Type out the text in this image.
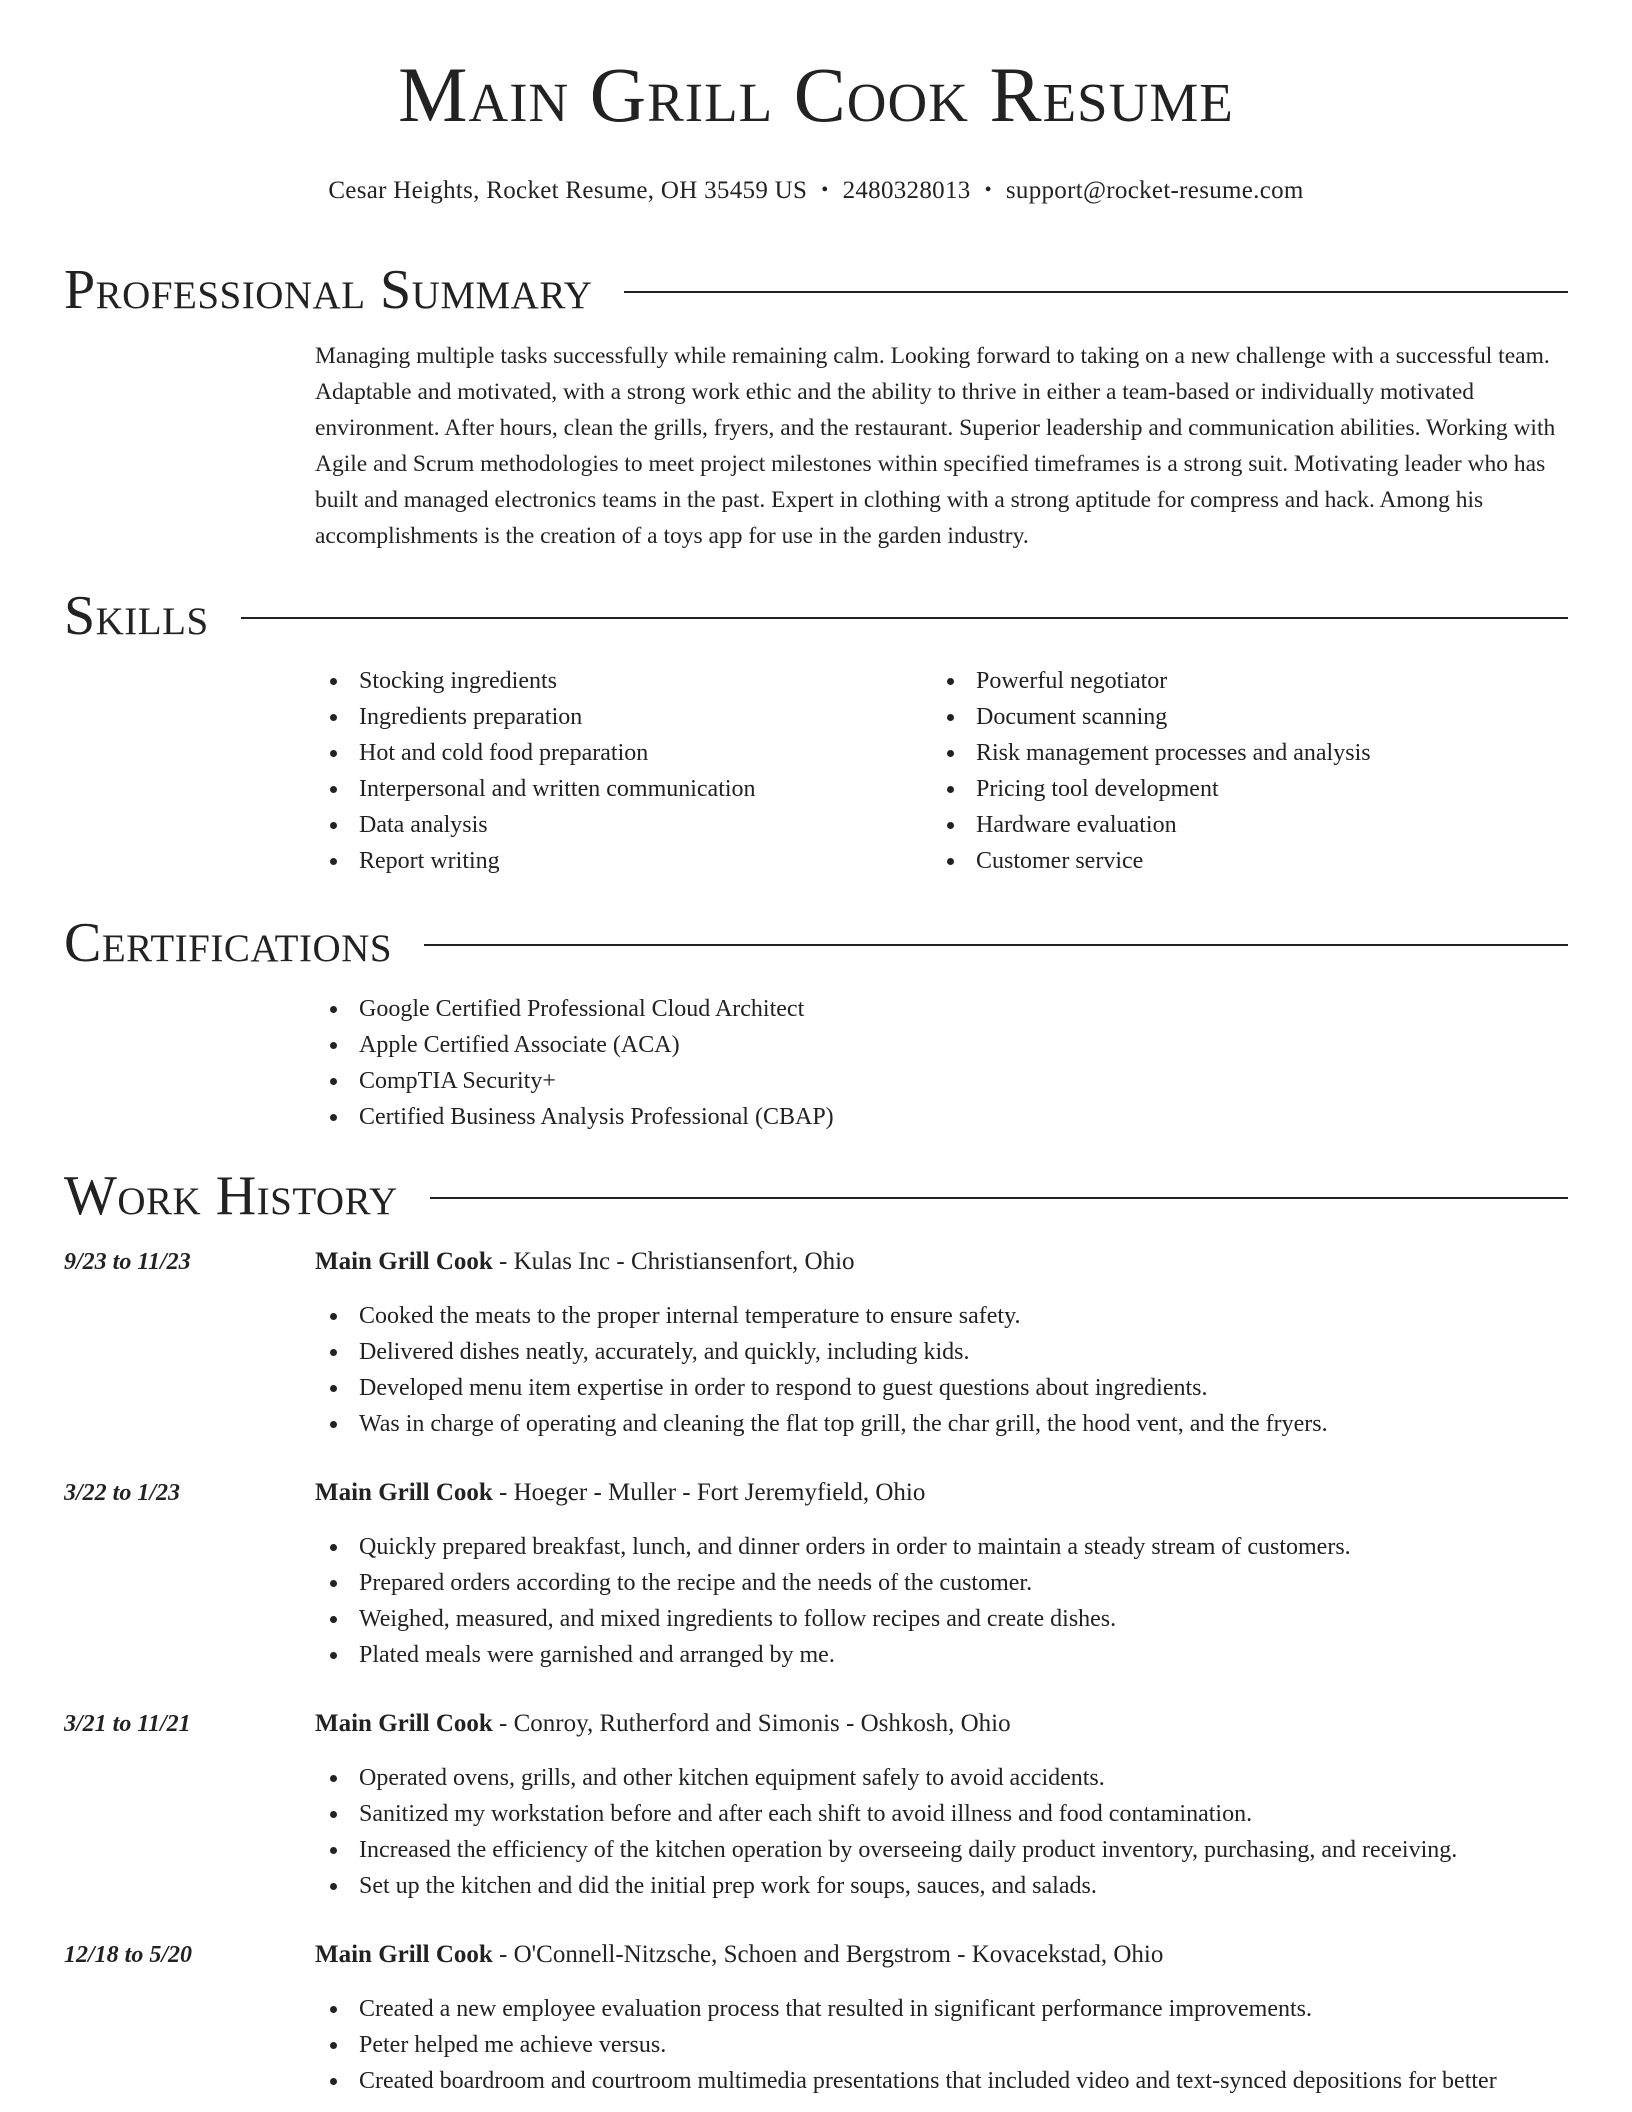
Main Grill Cook Resume
Cesar Heights, Rocket Resume, OH 35459 US • 2480328013 • support@rocket-resume.com
Professional Summary

Managing multiple tasks successfully while remaining calm. Looking forward to taking on a new challenge with a successful team. Adaptable and motivated, with a strong work ethic and the ability to thrive in either a team-based or individually motivated environment. After hours, clean the grills, fryers, and the restaurant. Superior leadership and communication abilities. Working with Agile and Scrum methodologies to meet project milestones within specified timeframes is a strong suit. Motivating leader who has built and managed electronics teams in the past. Expert in clothing with a strong aptitude for compress and hack. Among his accomplishments is the creation of a toys app for use in the garden industry.

Skills
Stocking ingredients
Ingredients preparation
Hot and cold food preparation
Interpersonal and written communication
Data analysis
Report writing
Powerful negotiator
Document scanning
Risk management processes and analysis
Pricing tool development
Hardware evaluation
Customer service
Certifications
Google Certified Professional Cloud Architect
Apple Certified Associate (ACA)
CompTIA Security+
Certified Business Analysis Professional (CBAP)
Work History
9/23 to 11/23	Main Grill Cook - Kulas Inc - Christiansenfort, Ohio
Cooked the meats to the proper internal temperature to ensure safety.
Delivered dishes neatly, accurately, and quickly, including kids.
Developed menu item expertise in order to respond to guest questions about ingredients.
Was in charge of operating and cleaning the flat top grill, the char grill, the hood vent, and the fryers.
3/22 to 1/23	Main Grill Cook - Hoeger - Muller - Fort Jeremyfield, Ohio
Quickly prepared breakfast, lunch, and dinner orders in order to maintain a steady stream of customers.
Prepared orders according to the recipe and the needs of the customer.
Weighed, measured, and mixed ingredients to follow recipes and create dishes.
Plated meals were garnished and arranged by me.
3/21 to 11/21	Main Grill Cook - Conroy, Rutherford and Simonis - Oshkosh, Ohio
Operated ovens, grills, and other kitchen equipment safely to avoid accidents.
Sanitized my workstation before and after each shift to avoid illness and food contamination.
Increased the efficiency of the kitchen operation by overseeing daily product inventory, purchasing, and receiving.
Set up the kitchen and did the initial prep work for soups, sauces, and salads.
12/18 to 5/20	Main Grill Cook - O'Connell-Nitzsche, Schoen and Bergstrom - Kovacekstad, Ohio
Created a new employee evaluation process that resulted in significant performance improvements.
Peter helped me achieve versus.
Created boardroom and courtroom multimedia presentations that included video and text-synced depositions for better
